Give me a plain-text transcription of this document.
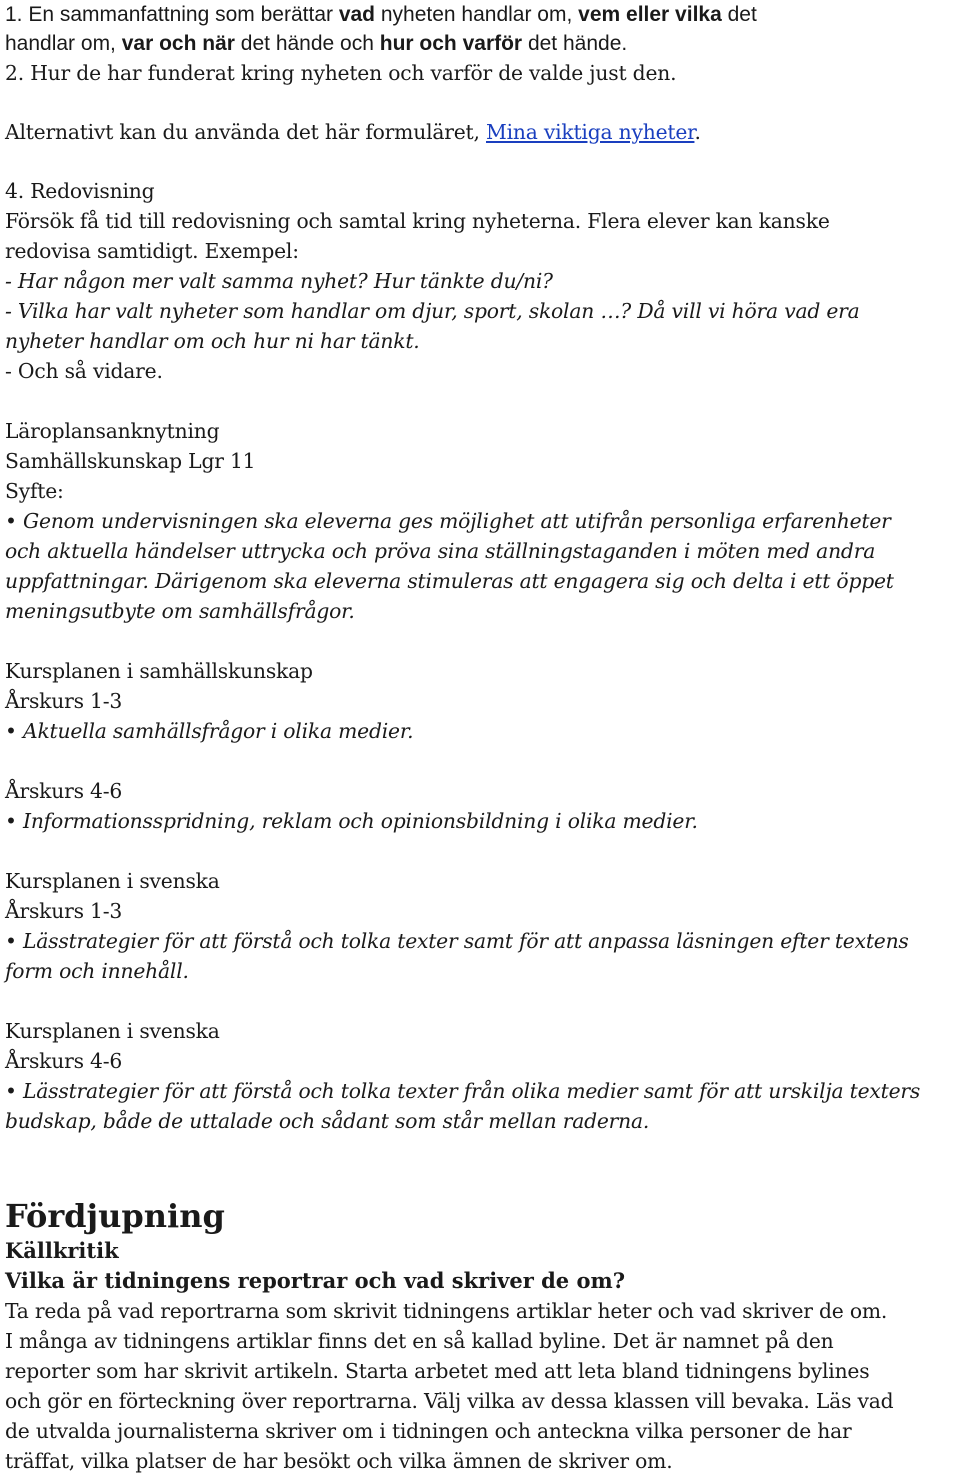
1. En sammanfattning som berättar vad nyheten handlar om, vem eller vilka det
handlar om, var och när det hände och hur och varför det hände.
2. Hur de har funderat kring nyheten och varför de valde just den.
Alternativt kan du använda det här formuläret, Mina viktiga nyheter.
4. Redovisning
Försök få tid till redovisning och samtal kring nyheterna. Flera elever kan kanske
redovisa samtidigt. Exempel:
- Har någon mer valt samma nyhet? Hur tänkte du/ni?
- Vilka har valt nyheter som handlar om djur, sport, skolan …? Då vill vi höra vad era
nyheter handlar om och hur ni har tänkt.
- Och så vidare.
Läroplansanknytning
Samhällskunskap Lgr 11
Syfte:
• Genom undervisningen ska eleverna ges möjlighet att utifrån personliga erfarenheter
och aktuella händelser uttrycka och pröva sina ställningstaganden i möten med andra
uppfattningar. Därigenom ska eleverna stimuleras att engagera sig och delta i ett öppet
meningsutbyte om samhällsfrågor.
Kursplanen i samhällskunskap
Årskurs 1-3
• Aktuella samhällsfrågor i olika medier.
Årskurs 4-6
• Informationsspridning, reklam och opinionsbildning i olika medier.
Kursplanen i svenska
Årskurs 1-3
• Lässtrategier för att förstå och tolka texter samt för att anpassa läsningen efter textens
form och innehåll.
Kursplanen i svenska
Årskurs 4-6
• Lässtrategier för att förstå och tolka texter från olika medier samt för att urskilja texters
budskap, både de uttalade och sådant som står mellan raderna.
Fördjupning
Källkritik
Vilka är tidningens reportrar och vad skriver de om?
Ta reda på vad reportrarna som skrivit tidningens artiklar heter och vad skriver de om.
I många av tidningens artiklar finns det en så kallad byline. Det är namnet på den
reporter som har skrivit artikeln. Starta arbetet med att leta bland tidningens bylines
och gör en förteckning över reportrarna. Välj vilka av dessa klassen vill bevaka. Läs vad
de utvalda journalisterna skriver om i tidningen och anteckna vilka personer de har
träffat, vilka platser de har besökt och vilka ämnen de skriver om.
